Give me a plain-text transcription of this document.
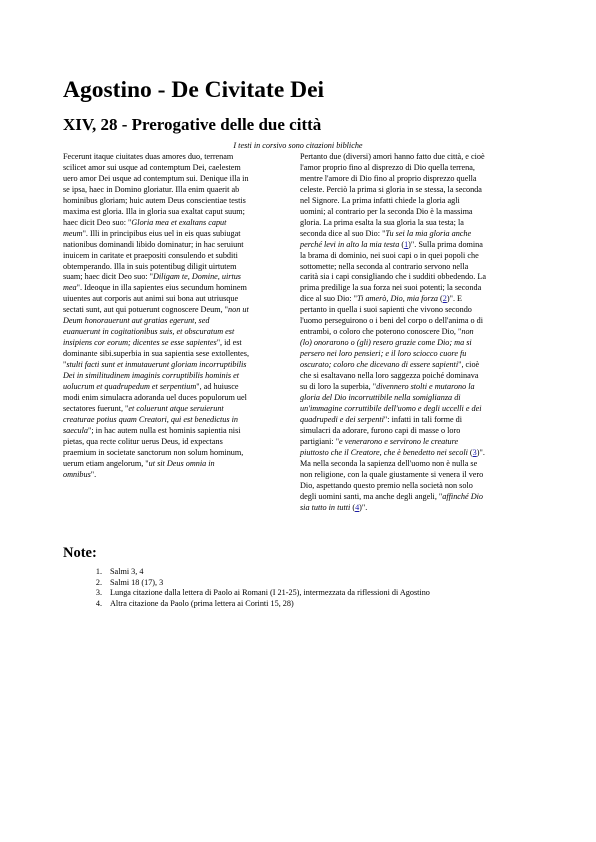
Agostino - De Civitate Dei
XIV, 28 - Prerogative delle due città
I testi in corsivo sono citazioni bibliche
Fecerunt itaque ciuitates duas amores duo, terrenam
scilicet amor sui usque ad contemptum Dei, caelestem
uero amor Dei usque ad contemptum sui. Denique illa in
se ipsa, haec in Domino gloriatur. Illa enim quaerit ab
hominibus gloriam; huic autem Deus conscientiae testis
maxima est gloria. Illa in gloria sua exaltat caput suum;
haec dicit Deo suo: "Gloria mea et exaltans caput
meum". Illi in principibus eius uel in eis quas subiugat
nationibus dominandi libido dominatur; in hac seruiunt
inuicem in caritate et praepositi consulendo et subditi
obtemperando. Illa in suis potentibug diligit uirtutem
suam; haec dicit Deo suo: "Diligam te, Domine, uirtus
mea". Ideoque in illa sapientes eius secundum hominem
uiuentes aut corporis aut animi sui bona aut utriusque
sectati sunt, aut qui potuerunt cognoscere Deum, "non ut
Deum honorauerunt aut gratias egerunt, sed
euanuerunt in cogitationibus suis, et obscuratum est
insipiens cor eorum; dicentes se esse sapientes", id est
dominante sibi.superbia in sua sapientia sese extollentes,
"stulti facti sunt et inmutauerunt gloriam incorruptibilis
Dei in similitudinem imaginis corruptibilis hominis et
uolucrum et quadrupedum et serpentium", ad huiusce
modi enim simulacra adoranda uel duces populorum uel
sectatores fuerunt, "et coluerunt atque seruierunt
creaturae potius quam Creatori, qui est benedictus in
saecula"; in hac autem nulla est hominis sapientia nisi
pietas, qua recte colitur uerus Deus, id expectans
praemium in societate sanctorum non solum hominum,
uerum etiam angelorum, "ut sit Deus omnia in
omnibus".
Pertanto due (diversi) amori hanno fatto due città, e cioè
l'amor proprio fino al disprezzo di Dio quella terrena,
mentre l'amore di Dio fino al proprio disprezzo quella
celeste. Perciò la prima si gloria in se stessa, la seconda
nel Signore. La prima infatti chiede la gloria agli
uomini; al contrario per la seconda Dio è la massima
gloria. La prima esalta la sua gloria la sua testa; la
seconda dice al suo Dio: "Tu sei la mia gloria anche
perché levi in alto la mia testa (1)". Sulla prima domina
la brama di dominio, nei suoi capi o in quei popoli che
sottomette; nella seconda al contrario servono nella
carità sia i capi consigliando che i sudditi obbedendo. La
prima predilige la sua forza nei suoi potenti; la seconda
dice al suo Dio: "Ti amerò, Dio, mia forza (2)". E
pertanto in quella i suoi sapienti che vivono secondo
l'uomo perseguirono o i beni del corpo o dell'anima o di
entrambi, o coloro che poterono conoscere Dio, "non
(lo) onorarono o (gli) resero grazie come Dio; ma si
persero nei loro pensieri; e il loro sciocco cuore fu
oscurato; coloro che dicevano di essere sapienti", cioè
che si esaltavano nella loro saggezza poiché dominava
su di loro la superbia, "divennero stolti e mutarono la
gloria del Dio incorruttibile nella somiglianza di
un'immagine corruttibile dell'uomo e degli uccelli e dei
quadrupedi e dei serpenti": infatti in tali forme di
simulacri da adorare, furono capi di masse o loro
partigiani: "e venerarono e servirono le creature
piuttosto che il Creatore, che è benedetto nei secoli (3)".
Ma nella seconda la sapienza dell'uomo non è nulla se
non religione, con la quale giustamente si venera il vero
Dio, aspettando questo premio nella società non solo
degli uomini santi, ma anche degli angeli, "affinché Dio
sia tutto in tutti (4)".
Note:
1. Salmi 3, 4
2. Salmi 18 (17), 3
3. Lunga citazione dalla lettera di Paolo ai Romani (I 21-25), intermezzata da riflessioni di Agostino
4. Altra citazione da Paolo (prima lettera ai Corinti 15, 28)
